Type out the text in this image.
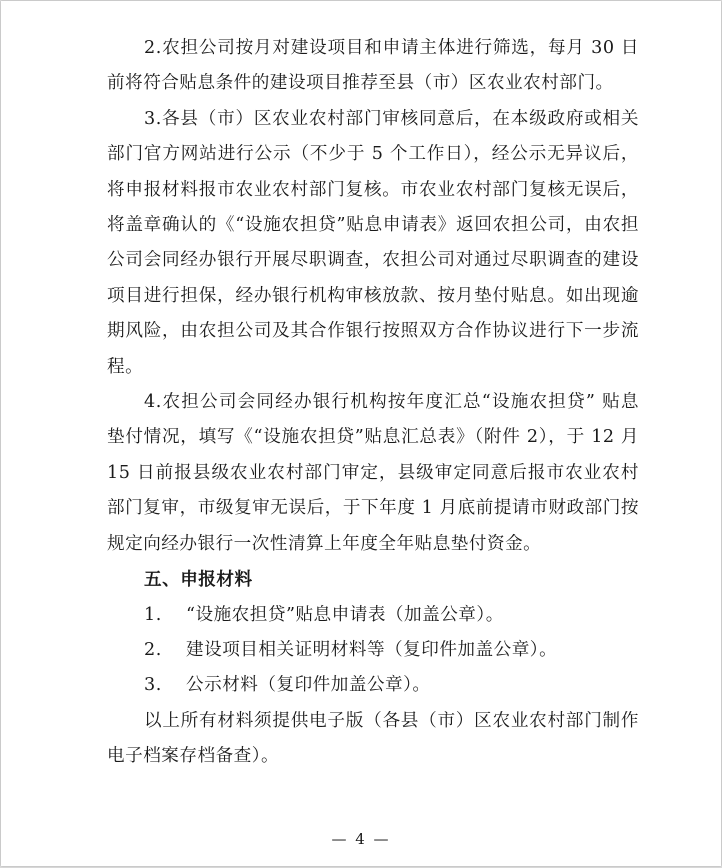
2.农担公司按月对建设项目和申请主体进行筛选，每月 30 日前将符合贴息条件的建设项目推荐至县（市）区农业农村部门。

3.各县（市）区农业农村部门审核同意后，在本级政府或相关部门官方网站进行公示（不少于 5 个工作日），经公示无异议后，将申报材料报市农业农村部门复核。市农业农村部门复核无误后，将盖章确认的《“设施农担贷”贴息申请表》返回农担公司，由农担公司会同经办银行开展尽职调查，农担公司对通过尽职调查的建设项目进行担保，经办银行机构审核放款、按月垫付贴息。如出现逾期风险，由农担公司及其合作银行按照双方合作协议进行下一步流程。

4.农担公司会同经办银行机构按年度汇总“设施农担贷” 贴息垫付情况，填写《“设施农担贷”贴息汇总表》（附件 2），于 12 月 15 日前报县级农业农村部门审定，县级审定同意后报市农业农村部门复审，市级复审无误后，于下年度 1 月底前提请市财政部门按规定向经办银行一次性清算上年度全年贴息垫付资金。

五、申报材料

1. “设施农担贷”贴息申请表（加盖公章）。

2. 建设项目相关证明材料等（复印件加盖公章）。

3. 公示材料（复印件加盖公章）。

以上所有材料须提供电子版（各县（市）区农业农村部门制作电子档案存档备查）。

— 4 —
